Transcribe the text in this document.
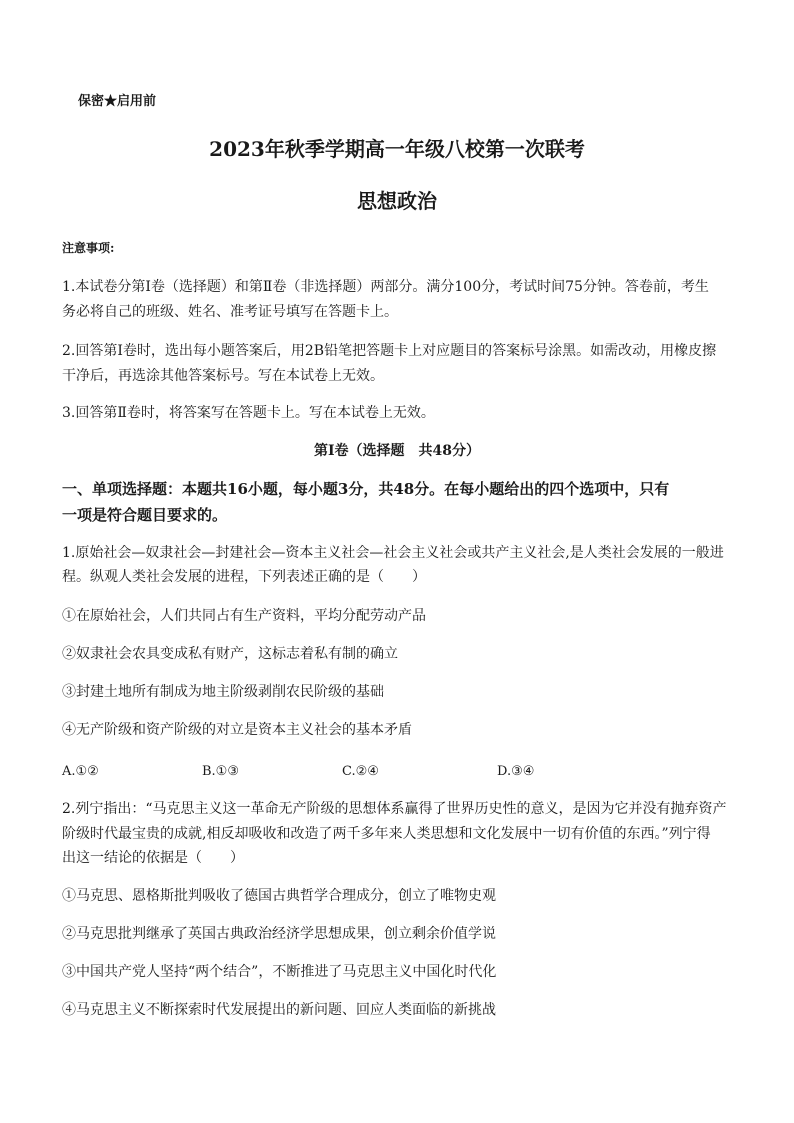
保密★启用前
2023年秋季学期高一年级八校第一次联考
思想政治
注意事项:
1.本试卷分第Ⅰ卷（选择题）和第Ⅱ卷（非选择题）两部分。满分100分，考试时间75分钟。答卷前，考生
务必将自己的班级、姓名、准考证号填写在答题卡上。
2.回答第Ⅰ卷时，选出每小题答案后，用2B铅笔把答题卡上对应题目的答案标号涂黑。如需改动，用橡皮擦
干净后，再选涂其他答案标号。写在本试卷上无效。
3.回答第Ⅱ卷时，将答案写在答题卡上。写在本试卷上无效。
第Ⅰ卷（选择题　共48分）
一、单项选择题：本题共16小题，每小题3分，共48分。在每小题给出的四个选项中，只有
一项是符合题目要求的。
1.原始社会—奴隶社会—封建社会—资本主义社会—社会主义社会或共产主义社会,是人类社会发展的一般进
程。纵观人类社会发展的进程，下列表述正确的是（　　）
①在原始社会，人们共同占有生产资料，平均分配劳动产品
②奴隶社会农具变成私有财产，这标志着私有制的确立
③封建土地所有制成为地主阶级剥削农民阶级的基础
④无产阶级和资产阶级的对立是资本主义社会的基本矛盾
A.①②	B.①③	C.②④	D.③④
2.列宁指出：“马克思主义这一革命无产阶级的思想体系赢得了世界历史性的意义，是因为它并没有抛弃资产
阶级时代最宝贵的成就,相反却吸收和改造了两千多年来人类思想和文化发展中一切有价值的东西。”列宁得
出这一结论的依据是（　　）
①马克思、恩格斯批判吸收了德国古典哲学合理成分，创立了唯物史观
②马克思批判继承了英国古典政治经济学思想成果，创立剩余价值学说
③中国共产党人坚持“两个结合”，不断推进了马克思主义中国化时代化
④马克思主义不断探索时代发展提出的新问题、回应人类面临的新挑战
